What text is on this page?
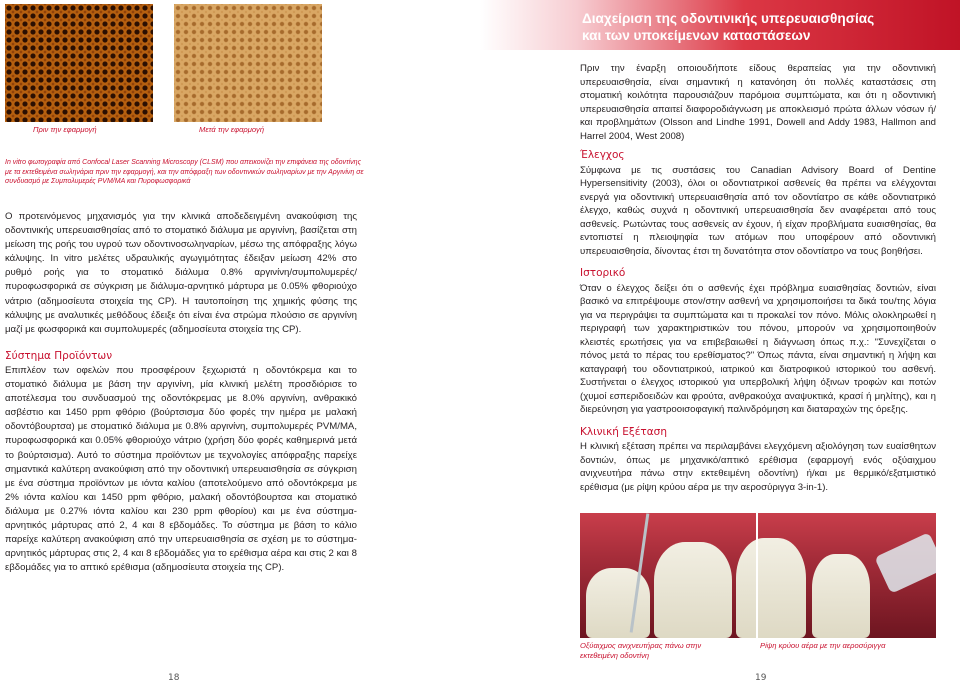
Πριν την εφαρμογή	Μετά την εφαρμογή
In vitro φωτογραφία από Confocal Laser Scanning Microscopy (CLSM) που απεικονίζει την επιφάνεια της οδοντίνης με τα εκτεθειμένα σωληνάρια πριν την εφαρμογή, και την απόφραξη των οδοντινικών σωληναρίων με την Αργινίνη σε συνδυασμό με Συμπολυμερές PVM/MA και Πυροφωσφορικά

Ο προτεινόμενος μηχανισμός για την κλινικά αποδεδειγμένη ανακούφιση της οδοντινικής υπερευαισθησίας από το στοματικό διάλυμα με αργινίνη, βασίζεται στη μείωση της ροής του υγρού των οδοντινοσωληναρίων, μέσω της απόφραξης λόγω κάλυψης. In vitro μελέτες υδραυλικής αγωγιμότητας έδειξαν μείωση 42% στο ρυθμό ροής για το στοματικό διάλυμα 0.8% αργινίνη/συμπολυμερές/πυροφωσφορικά σε σύγκριση με διάλυμα-αρνητικό μάρτυρα με 0.05% φθοριούχο νάτριο (αδημοσίευτα στοιχεία της CP). Η ταυτοποίηση της χημικής φύσης της κάλυψης με αναλυτικές μεθόδους έδειξε ότι είναι ένα στρώμα πλούσιο σε αργινίνη μαζί με φωσφορικά και συμπολυμερές (αδημοσίευτα στοιχεία της CP).

Σύστημα Προϊόντων

Επιπλέον των οφελών που προσφέρουν ξεχωριστά η οδοντόκρεμα και το στοματικό διάλυμα με βάση την αργινίνη, μία κλινική μελέτη προσδιόρισε το αποτέλεσμα του συνδυασμού της οδοντόκρεμας με 8.0% αργινίνη, ανθρακικό ασβέστιο και 1450 ppm φθόριο (βούρτσισμα δύο φορές την ημέρα με μαλακή οδοντόβουρτσα) με στοματικό διάλυμα με 0.8% αργινίνη, συμπολυμερές PVM/MA, πυροφωσφορικά και 0.05% φθοριούχο νάτριο (χρήση δύο φορές καθημερινά μετά το βούρτσισμα). Αυτό το σύστημα προϊόντων με τεχνολογίες απόφραξης παρείχε σημαντικά καλύτερη ανακούφιση από την οδοντινική υπερευαισθησία σε σύγκριση με ένα σύστημα προϊόντων με ιόντα καλίου (αποτελούμενο από οδοντόκρεμα με 2% ιόντα καλίου και 1450 ppm φθόριο, μαλακή οδοντόβουρτσα και στοματικό διάλυμα με 0.27% ιόντα καλίου και 230 ppm φθορίου) και με ένα σύστημα-αρνητικός μάρτυρας από 2, 4 και 8 εβδομάδες. Το σύστημα με βάση το κάλιο παρείχε καλύτερη ανακούφιση από την υπερευαισθησία σε σχέση με το σύστημα-αρνητικός μάρτυρας στις 2, 4 και 8 εβδομάδες για το ερέθισμα αέρα και στις 2 και 8 εβδομάδες για το απτικό ερέθισμα (αδημοσίευτα στοιχεία της CP).

18
Διαχείριση της οδοντινικής υπερευαισθησίας
και των υποκείμενων καταστάσεων

Πριν την έναρξη οποιουδήποτε είδους θεραπείας για την οδοντινική υπερευαισθησία, είναι σημαντική η κατανόηση ότι πολλές καταστάσεις στη στοματική κοιλότητα παρουσιάζουν παρόμοια συμπτώματα, και ότι η οδοντινική υπερευαισθησία απαιτεί διαφοροδιάγνωση με αποκλεισμό πρώτα άλλων νόσων ή/και προβλημάτων (Olsson and Lindhe 1991, Dowell and Addy 1983, Hallmon and Harrel 2004, West 2008)

Έλεγχος

Σύμφωνα με τις συστάσεις του Canadian Advisory Board of Dentine Hypersensitivity (2003), όλοι οι οδοντιατρικοί ασθενείς θα πρέπει να ελέγχονται ενεργά για οδοντινική υπερευαισθησία από τον οδοντίατρο σε κάθε οδοντιατρικό έλεγχο, καθώς συχνά η οδοντινική υπερευαισθησία δεν αναφέρεται από τους ασθενείς. Ρωτώντας τους ασθενείς αν έχουν, ή είχαν προβλήματα ευαισθησίας, θα εντοπιστεί η πλειοψηφία των ατόμων που υποφέρουν από οδοντινική υπερευαισθησία, δίνοντας έτσι τη δυνατότητα στον οδοντίατρο να τους βοηθήσει.

Ιστορικό

Όταν ο έλεγχος δείξει ότι ο ασθενής έχει πρόβλημα ευαισθησίας δοντιών, είναι βασικό να επιτρέψουμε στον/στην ασθενή να χρησιμοποιήσει τα δικά του/της λόγια για να περιγράψει τα συμπτώματα και τι προκαλεί τον πόνο. Μόλις ολοκληρωθεί η περιγραφή των χαρακτηριστικών του πόνου, μπορούν να χρησιμοποιηθούν κλειστές ερωτήσεις για να επιβεβαιωθεί η διάγνωση όπως π.χ.: "Συνεχίζεται ο πόνος μετά το πέρας του ερεθίσματος?" Όπως πάντα, είναι σημαντική η λήψη και καταγραφή του οδοντιατρικού, ιατρικού και διατροφικού ιστορικού του ασθενή. Συστήνεται ο έλεγχος ιστορικού για υπερβολική λήψη όξινων τροφών και ποτών (χυμοί εσπεριδοειδών και φρούτα, ανθρακούχα αναψυκτικά, κρασί ή μηλίτης), και η διερεύνηση για γαστροοισοφαγική παλινδρόμηση και διαταραχών της όρεξης.

Κλινική Εξέταση

Η κλινική εξέταση πρέπει να περιλαμβάνει ελεγχόμενη αξιολόγηση των ευαίσθητων δοντιών, όπως με μηχανικό/απτικό ερέθισμα (εφαρμογή ενός οξύαιχμου ανιχνευτήρα πάνω στην εκτεθειμένη οδοντίνη) ή/και με θερμικό/εξατμιστικό ερέθισμα (με ρίψη κρύου αέρα με την αεροσύριγγα 3-in-1).

Οξύαιχμος ανιχνευτήρας πάνω στην εκτεθειμένη οδοντίνη
Ρίψη κρύου αέρα με την αεροσύριγγα
19
